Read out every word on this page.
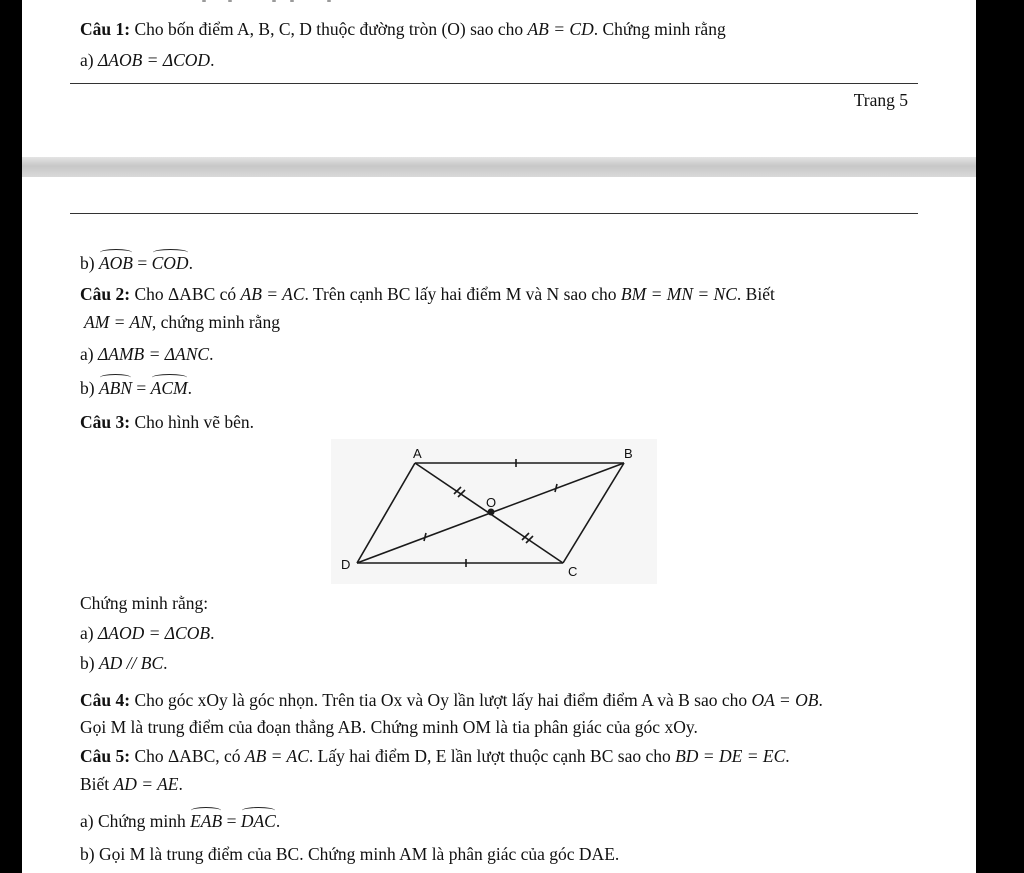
Câu 1: Cho bốn điểm A, B, C, D thuộc đường tròn (O) sao cho AB = CD. Chứng minh rằng
a) ΔAOB = ΔCOD.
Trang 5
b) AOB = COD.
Câu 2: Cho ΔABC có AB = AC. Trên cạnh BC lấy hai điểm M và N sao cho BM = MN = NC. Biết
AM = AN, chứng minh rằng
a) ΔAMB = ΔANC.
b) ABN = ACM.
Câu 3: Cho hình vẽ bên.
Chứng minh rằng:
a) ΔAOD = ΔCOB.
b) AD // BC.
Câu 4: Cho góc xOy là góc nhọn. Trên tia Ox và Oy lần lượt lấy hai điểm điểm A và B sao cho OA = OB.
Gọi M là trung điểm của đoạn thẳng AB. Chứng minh OM là tia phân giác của góc xOy.
Câu 5: Cho ΔABC, có AB = AC. Lấy hai điểm D, E lần lượt thuộc cạnh BC sao cho BD = DE = EC.
Biết AD = AE.
a) Chứng minh EAB = DAC.
b) Gọi M là trung điểm của BC. Chứng minh AM là phân giác của góc DAE.
A	B
C
D
O
